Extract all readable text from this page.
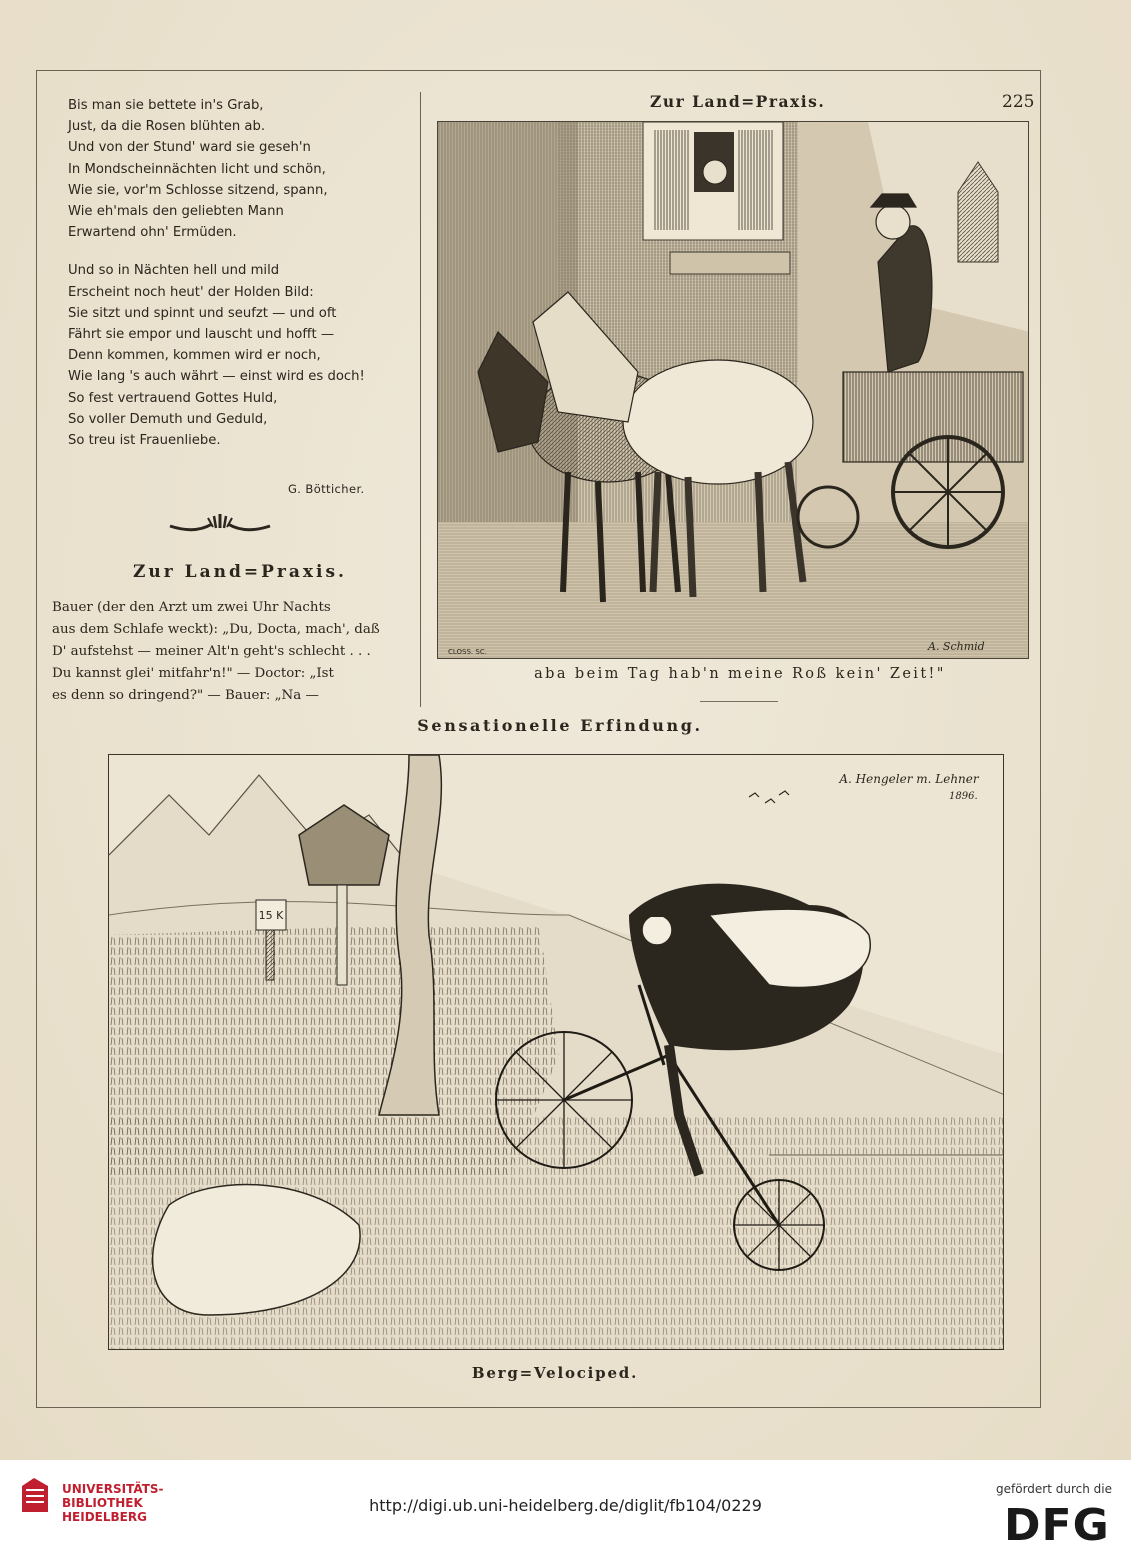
Bis man sie bettete in's Grab,
Just, da die Rosen blühten ab.
Und von der Stund' ward sie geseh'n
In Mondscheinnächten licht und schön,
Wie sie, vor'm Schlosse sitzend, spann,
Wie eh'mals den geliebten Mann
Erwartend ohn' Ermüden.
Und so in Nächten hell und mild
Erscheint noch heut' der Holden Bild:
Sie sitzt und spinnt und seufzt — und oft
Fährt sie empor und lauscht und hofft —
Denn kommen, kommen wird er noch,
Wie lang 's auch währt — einst wird es doch!
So fest vertrauend Gottes Huld,
So voller Demuth und Geduld,
So treu ist Frauenliebe.
G. Bötticher.
Zur Land=Praxis.
Bauer (der den Arzt um zwei Uhr Nachts
aus dem Schlafe weckt): „Du, Docta, mach', daß
D' aufstehst — meiner Alt'n geht's schlecht . . .
Du kannst glei' mitfahr'n!" — Doctor: „Ist
es denn so dringend?" — Bauer: „Na —
Zur Land=Praxis.	225
A. Schmid
CLOSS. SC.
aba beim Tag hab'n meine Roß kein' Zeit!"
Sensationelle Erfindung.
15 K
A. Hengeler m. Lehner
1896.
Berg=Velociped.
UNIVERSITÄTS-
BIBLIOTHEK
HEIDELBERG
http://digi.ub.uni-heidelberg.de/diglit/fb104/0229
gefördert durch die
DFG
